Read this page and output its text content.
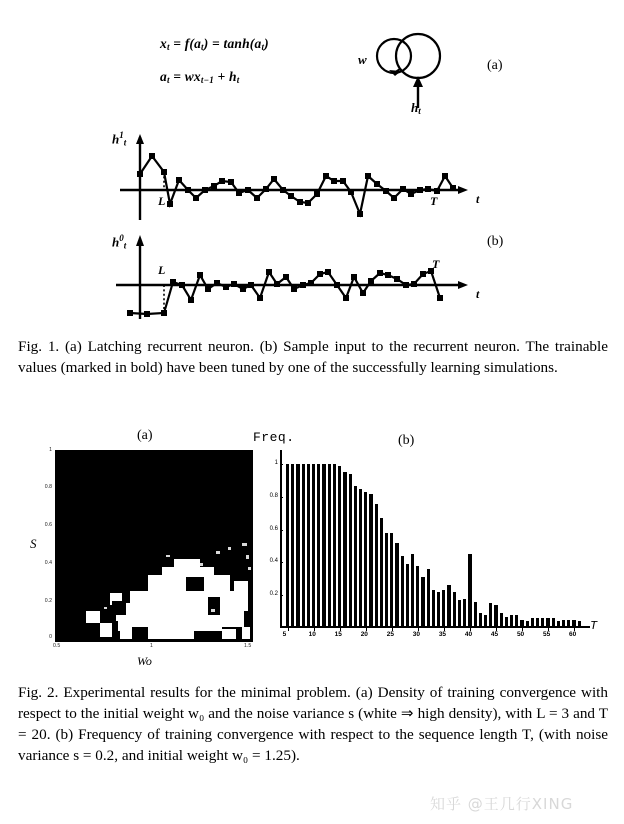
$x_t = f(a_t) = \tanh(a_t)$
$a_t = wx_{t-1} + h_t$
w
$h_t$
(a)
(b)
$h^1_t$
L	T	t
$h^0_t$
L	T
t
Fig. 1. (a) Latching recurrent neuron. (b) Sample input to the recurrent neuron. The trainable values (marked in bold) have been tuned by one of the successfully learning simulations.
(a)	Freq.	(b)
S
Wo
1
0.8
0.6
0.4
0.2
0
0.5	1	1.5
0.2
0.4
0.6
0.8
1
5	10	15	20	25	30	35	40	45	50	55	60
T
Fig. 2. Experimental results for the minimal problem. (a) Density of training convergence with respect to the initial weight w₀ and the noise variance s (white ⇒ high density), with L = 3 and T = 20. (b) Frequency of training convergence with respect to the sequence length T, (with noise variance s = 0.2, and initial weight w₀ = 1.25).
知乎 @王几行XING
